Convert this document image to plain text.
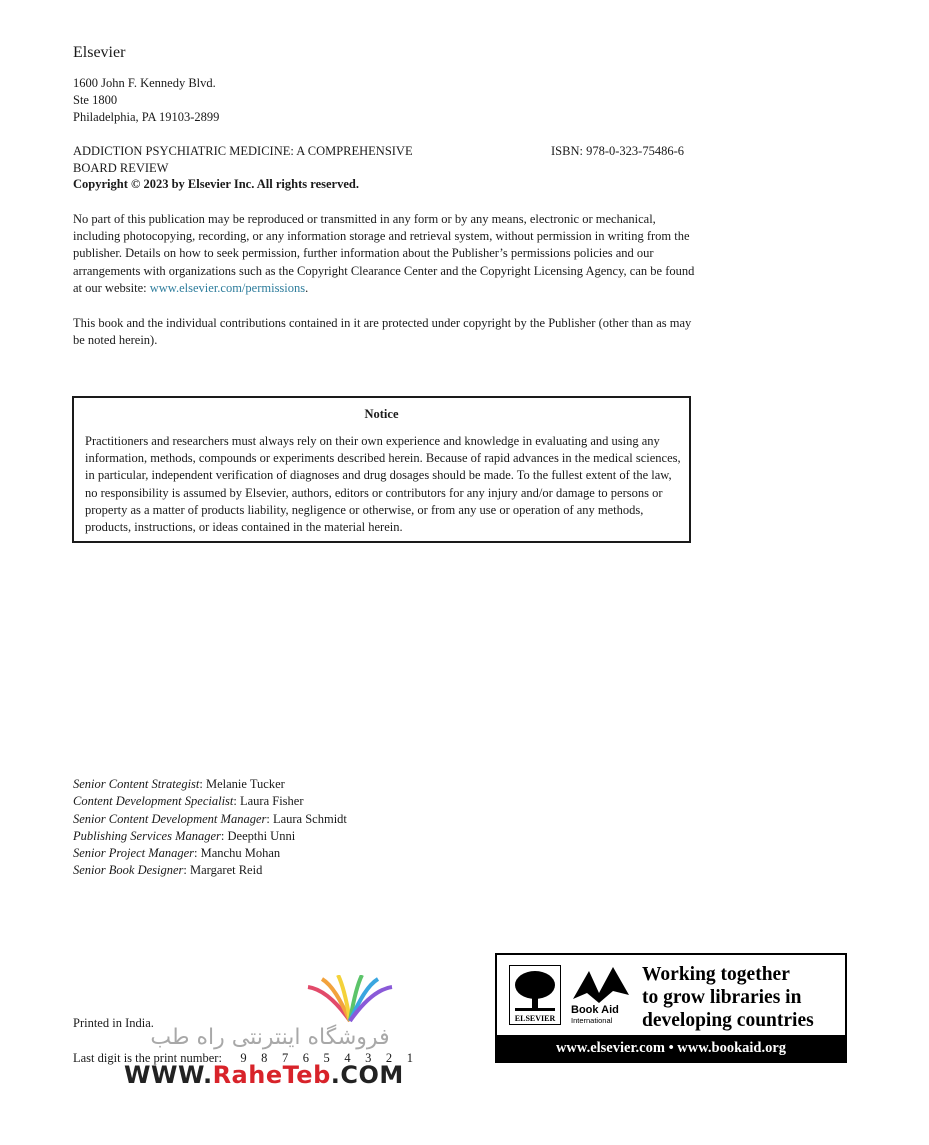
Elsevier
1600 John F. Kennedy Blvd.
Ste 1800
Philadelphia, PA 19103-2899
ADDICTION PSYCHIATRIC MEDICINE: A COMPREHENSIVE BOARD REVIEW
ISBN: 978-0-323-75486-6
Copyright © 2023 by Elsevier Inc. All rights reserved.
No part of this publication may be reproduced or transmitted in any form or by any means, electronic or mechanical, including photocopying, recording, or any information storage and retrieval system, without permission in writing from the publisher. Details on how to seek permission, further information about the Publisher’s permissions policies and our arrangements with organizations such as the Copyright Clearance Center and the Copyright Licensing Agency, can be found at our website: www.elsevier.com/permissions.
This book and the individual contributions contained in it are protected under copyright by the Publisher (other than as may be noted herein).
Notice
Practitioners and researchers must always rely on their own experience and knowledge in evaluating and using any information, methods, compounds or experiments described herein. Because of rapid advances in the medical sciences, in particular, independent verification of diagnoses and drug dosages should be made. To the fullest extent of the law, no responsibility is assumed by Elsevier, authors, editors or contributors for any injury and/or damage to persons or property as a matter of products liability, negligence or otherwise, or from any use or operation of any methods, products, instructions, or ideas contained in the material herein.
Senior Content Strategist: Melanie Tucker
Content Development Specialist: Laura Fisher
Senior Content Development Manager: Laura Schmidt
Publishing Services Manager: Deepthi Unni
Senior Project Manager: Manchu Mohan
Senior Book Designer: Margaret Reid
Printed in India.
Last digit is the print number: 9 8 7 6 5 4 3 2 1
فروشگاه اینترنتی راه طب
WWW.RaheTeb.COM
ELSEVIER
Book Aid
International
Working together
to grow libraries in
developing countries
www.elsevier.com • www.bookaid.org
